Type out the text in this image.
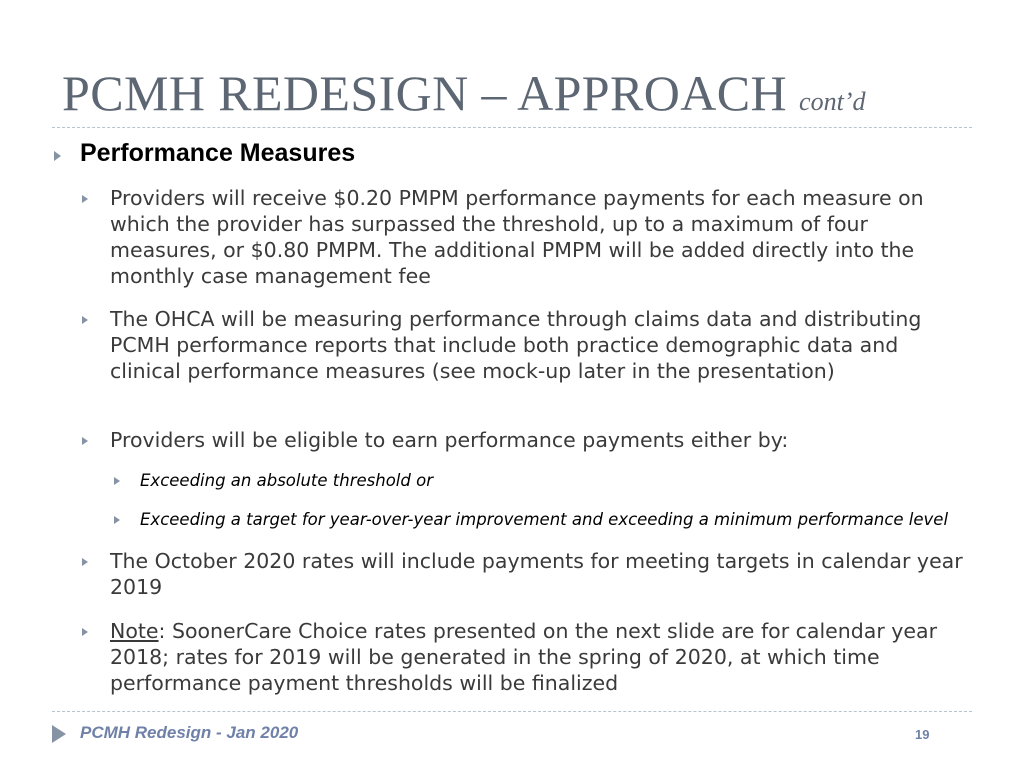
PCMH REDESIGN – APPROACH cont’d
Performance Measures
Providers will receive $0.20 PMPM performance payments for each measure on which the provider has surpassed the threshold, up to a maximum of four measures, or $0.80 PMPM. The additional PMPM will be added directly into the monthly case management fee
The OHCA will be measuring performance through claims data and distributing PCMH performance reports that include both practice demographic data and clinical performance measures (see mock-up later in the presentation)
Providers will be eligible to earn performance payments either by:
Exceeding an absolute threshold or
Exceeding a target for year-over-year improvement and exceeding a minimum performance level
The October 2020 rates will include payments for meeting targets in calendar year 2019
Note: SoonerCare Choice rates presented on the next slide are for calendar year 2018; rates for 2019 will be generated in the spring of 2020, at which time performance payment thresholds will be finalized
PCMH Redesign - Jan 2020	19
